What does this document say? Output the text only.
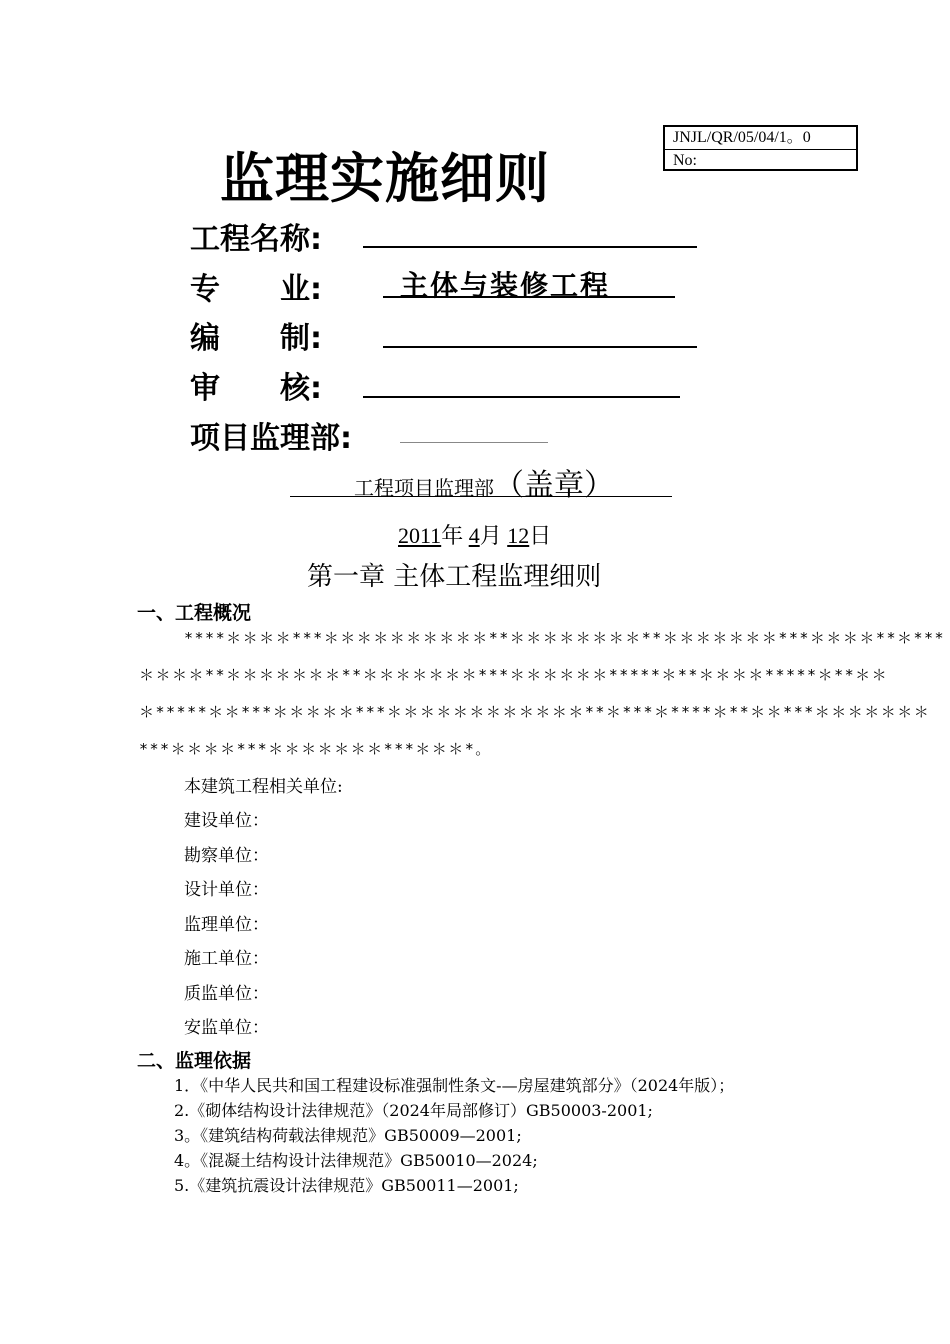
JNJL/QR/05/04/1。0
No:
监理实施细则
工程名称:
专　　业:	主体与装修工程
编　　制:
审　　核:
项目监理部:
工程项目监理部（盖章）
2011年 4月 12日
第一章 主体工程监理细则
一、工程概况
****＊＊＊＊***＊＊＊＊＊＊＊＊＊＊**＊＊＊＊＊＊＊＊**＊＊＊＊＊＊＊***＊＊＊＊**＊***
＊＊＊＊**＊＊＊＊＊＊＊**＊＊＊＊＊＊＊***＊＊＊＊＊＊*****＊**＊＊＊＊*****＊**＊＊
＊*****＊＊***＊＊＊＊＊***＊＊＊＊＊＊＊＊＊＊＊＊**＊***＊****＊**＊＊***＊＊＊＊＊＊＊
***＊＊＊＊***＊＊＊＊＊＊＊***＊＊＊*。
本建筑工程相关单位:
建设单位：
勘察单位：
设计单位：
监理单位：
施工单位：
质监单位：
安监单位：
二、监理依据
1．《中华人民共和国工程建设标准强制性条文-—房屋建筑部分》（2024年版）；
2.《砌体结构设计法律规范》（2024年局部修订）GB50003-2001;
3。《建筑结构荷载法律规范》GB50009—2001;
4。《混凝土结构设计法律规范》GB50010—2024;
5.《建筑抗震设计法律规范》GB50011—2001;
